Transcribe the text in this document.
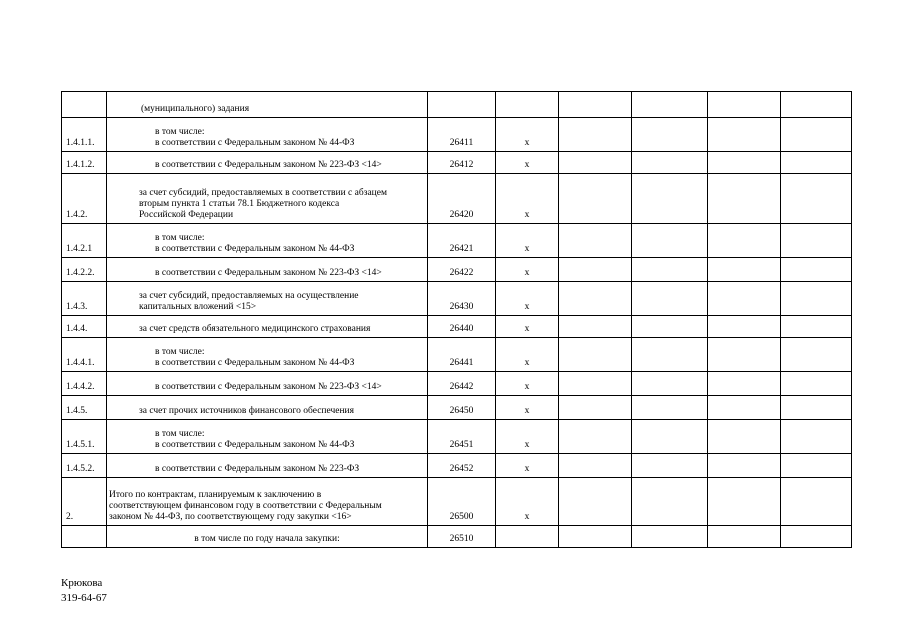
	(муниципального) задания						

1.4.1.1.	в том числе:
в соответствии с Федеральным законом № 44-ФЗ	26411	x				
1.4.1.2.	в соответствии с Федеральным законом № 223-ФЗ <14>	26412	x				
1.4.2.	за счет субсидий, предоставляемых в соответствии с абзацем
вторым пункта 1 статьи 78.1 Бюджетного кодекса
Российской Федерации	26420	x				
1.4.2.1	в том числе:
в соответствии с Федеральным законом № 44-ФЗ	26421	x				
1.4.2.2.	в соответствии с Федеральным законом № 223-ФЗ <14>	26422	x				
1.4.3.	за счет субсидий, предоставляемых на осуществление
капитальных вложений <15>	26430	x				
1.4.4.	за счет средств обязательного медицинского страхования	26440	x				
1.4.4.1.	в том числе:
в соответствии с Федеральным законом № 44-ФЗ	26441	x				
1.4.4.2.	в соответствии с Федеральным законом № 223-ФЗ <14>	26442	x				
1.4.5.	за счет прочих источников финансового обеспечения	26450	x				
1.4.5.1.	в том числе:
в соответствии с Федеральным законом № 44-ФЗ	26451	x				
1.4.5.2.	в соответствии с Федеральным законом № 223-ФЗ	26452	x				
2.	Итого по контрактам, планируемым к заключению в
соответствующем финансовом году в соответствии с Федеральным
законом № 44-ФЗ, по соответствующему году закупки <16>	26500	x				

	в том числе по году начала закупки:	26510					
Крюкова
319-64-67
